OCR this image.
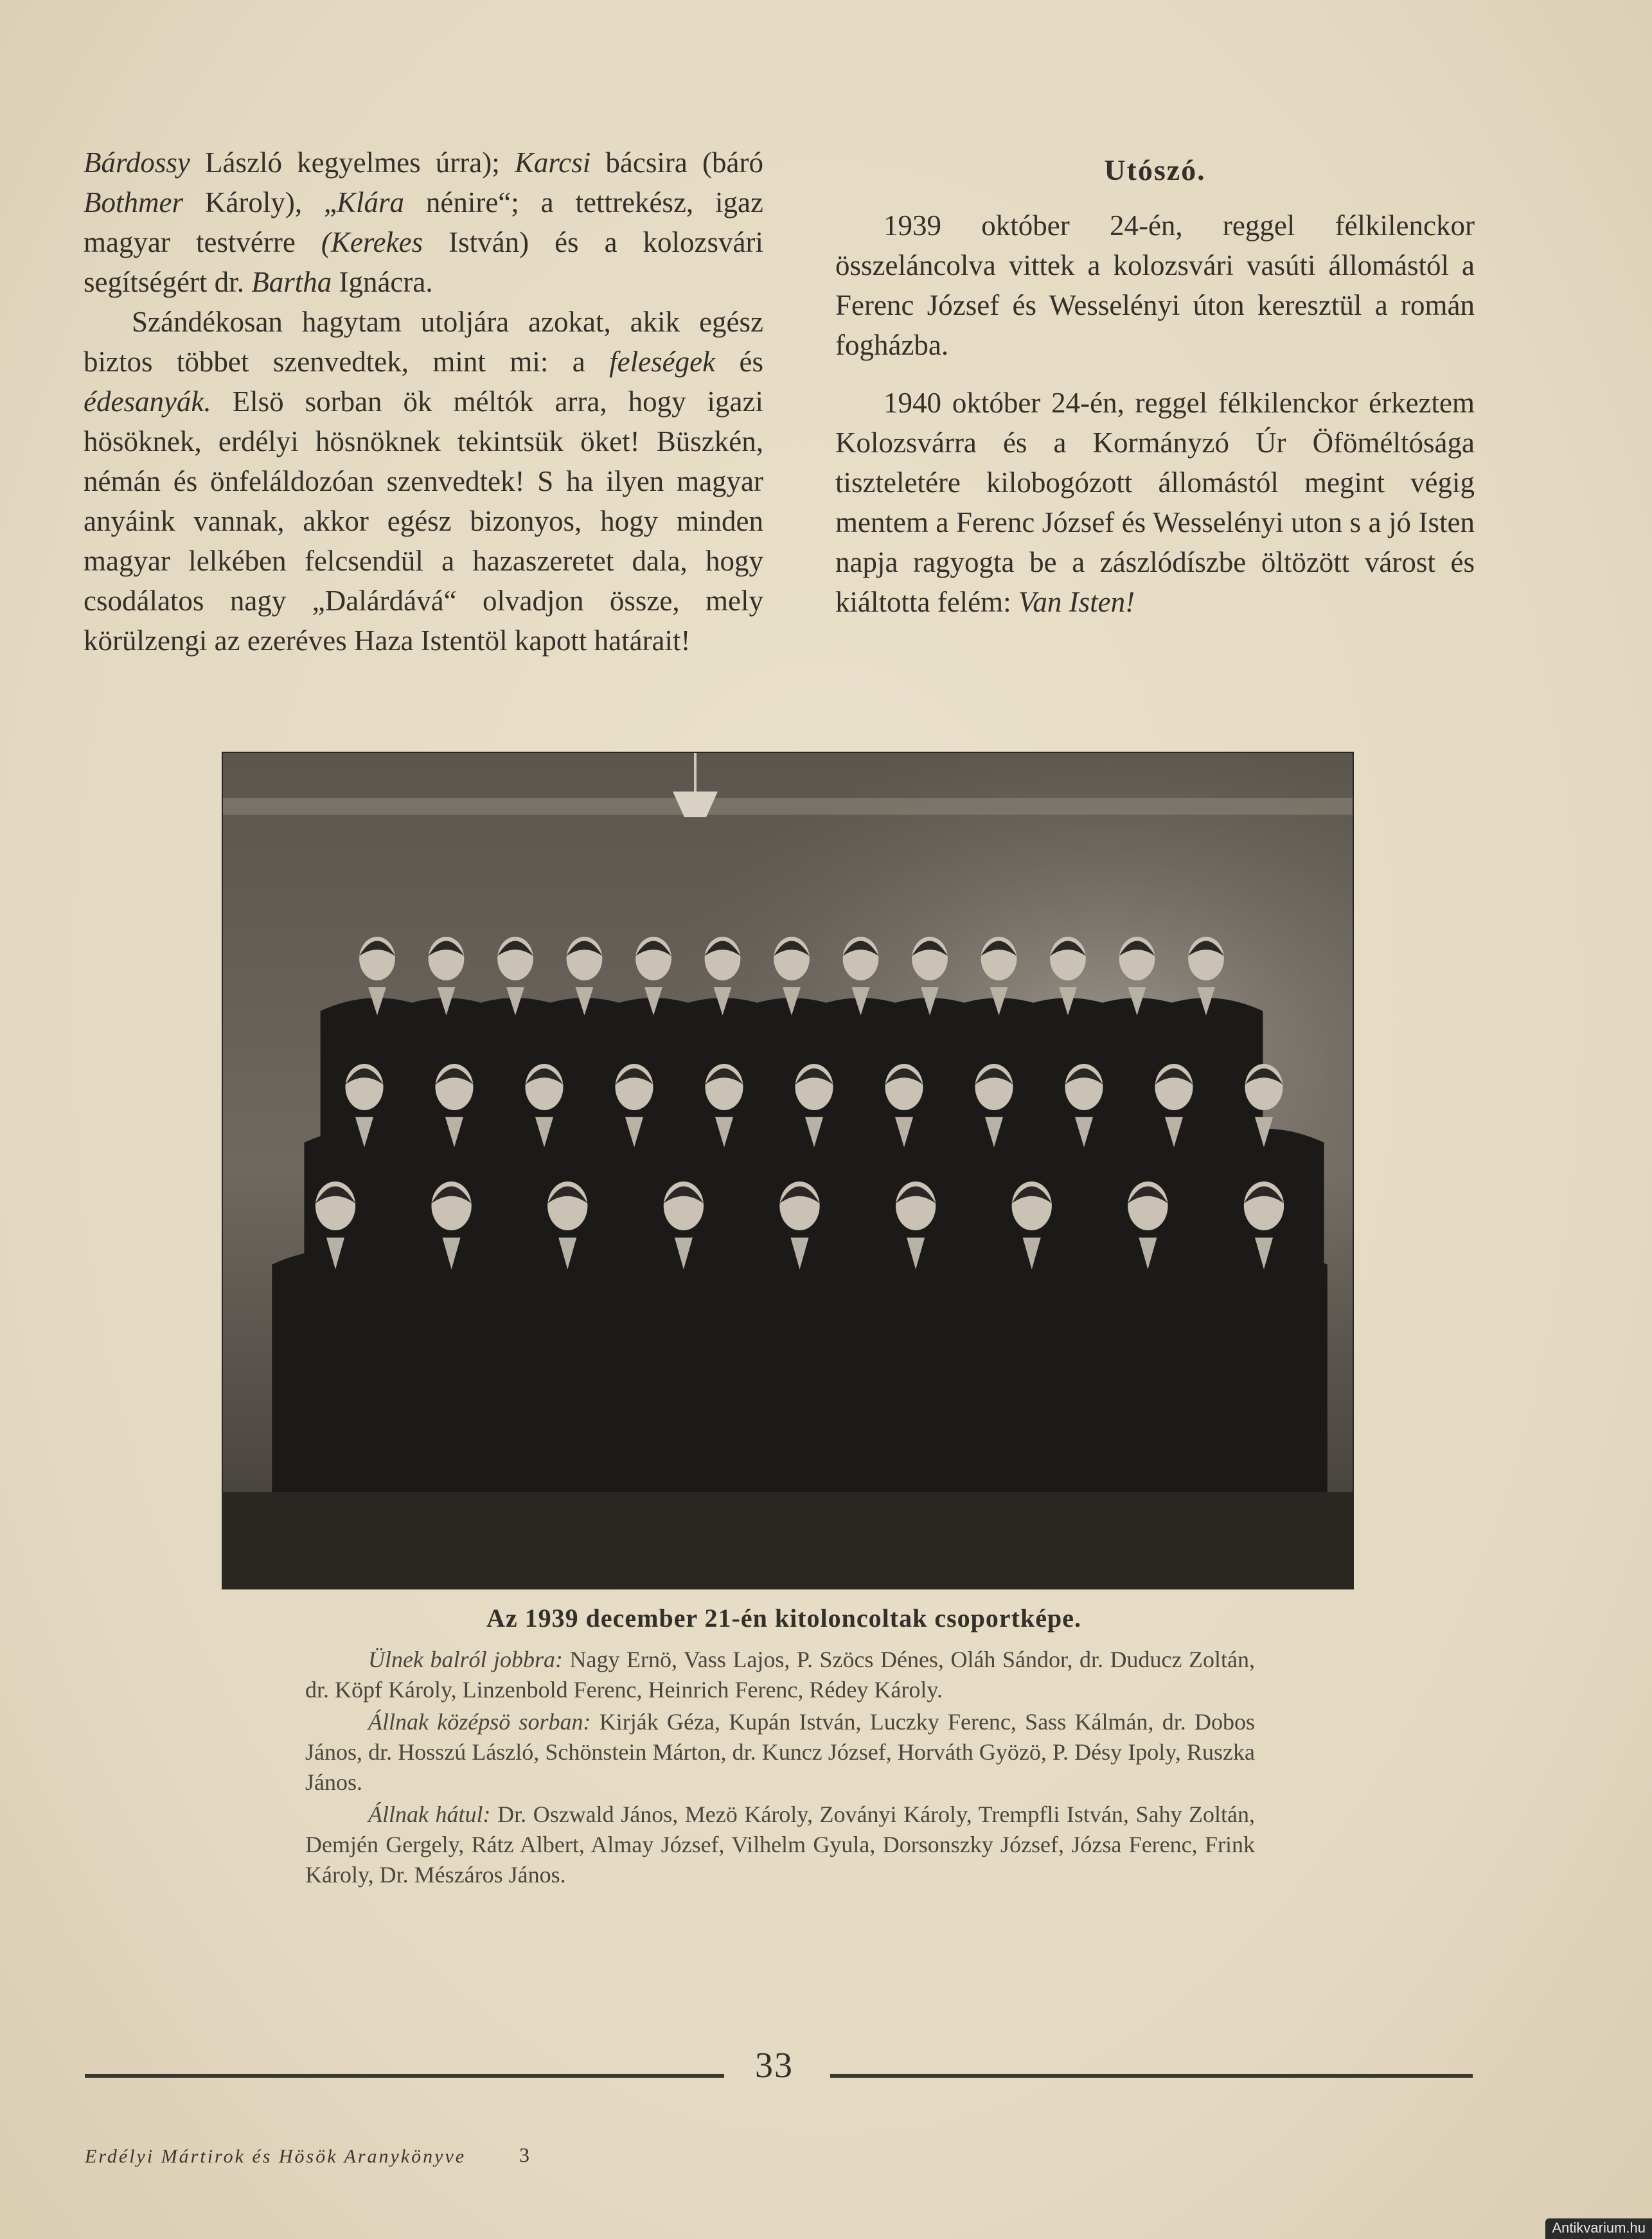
Bárdossy László kegyelmes úrra); Karcsi bácsira (báró Bothmer Károly), „Klára nénire“; a tettrekész, igaz magyar testvérre (Kerekes István) és a kolozsvári segítségért dr. Bartha Ignácra.

Szándékosan hagytam utoljára azokat, akik egész biztos többet szenvedtek, mint mi: a feleségek és édesanyák. Elsö sorban ök méltók arra, hogy igazi hösöknek, erdélyi hösnöknek tekintsük öket! Büszkén, némán és önfeláldozóan szenvedtek! S ha ilyen magyar anyáink vannak, akkor egész bizonyos, hogy minden magyar lelkében felcsendül a hazaszeretet dala, hogy csodálatos nagy „Dalárdává“ olvadjon össze, mely körülzengi az ezeréves Haza Istentöl kapott határait!

Utószó.

1939 október 24-én, reggel félkilenckor összeláncolva vittek a kolozsvári vasúti állomástól a Ferenc József és Wesselényi úton keresztül a román fogházba.

1940 október 24-én, reggel félkilenckor érkeztem Kolozsvárra és a Kormányzó Úr Öföméltósága tiszteletére kilobogózott állomástól megint végig mentem a Ferenc József és Wesselényi uton s a jó Isten napja ragyogta be a zászlódíszbe öltözött várost és kiáltotta felém: Van Isten!

Az 1939 december 21-én kitoloncoltak csoportképe.

Ülnek balról jobbra: Nagy Ernö, Vass Lajos, P. Szöcs Dénes, Oláh Sándor, dr. Duducz Zoltán, dr. Köpf Károly, Linzenbold Ferenc, Heinrich Ferenc, Rédey Károly.

Állnak középsö sorban: Kirják Géza, Kupán István, Luczky Ferenc, Sass Kálmán, dr. Dobos János, dr. Hosszú László, Schönstein Márton, dr. Kuncz József, Horváth Gyözö, P. Désy Ipoly, Ruszka János.

Állnak hátul: Dr. Oszwald János, Mezö Károly, Zoványi Károly, Trempfli István, Sahy Zoltán, Demjén Gergely, Rátz Albert, Almay József, Vilhelm Gyula, Dorsonszky József, Józsa Ferenc, Frink Károly, Dr. Mészáros János.

33
Erdélyi Mártirok és Hösök Aranykönyve	3
Antikvarium.hu
